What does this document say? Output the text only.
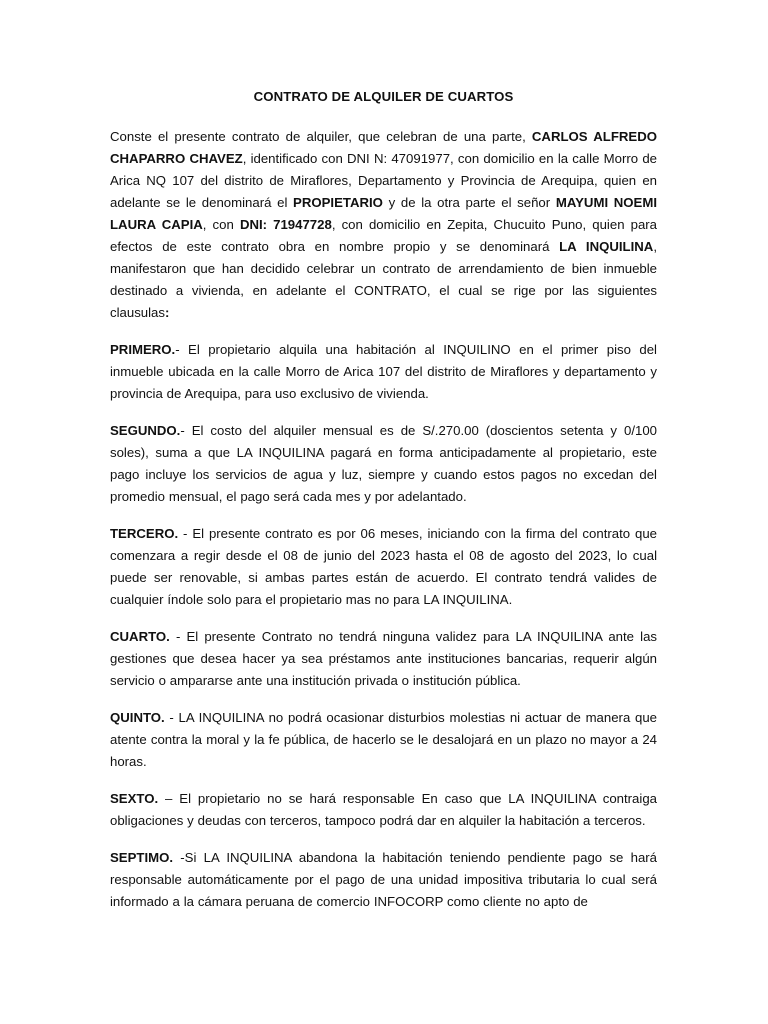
CONTRATO DE ALQUILER DE CUARTOS

Conste el presente contrato de alquiler, que celebran de una parte, CARLOS ALFREDO CHAPARRO CHAVEZ, identificado con DNI N: 47091977, con domicilio en la calle Morro de Arica NQ 107 del distrito de Miraflores, Departamento y Provincia de Arequipa, quien en adelante se le denominará el PROPIETARIO y de la otra parte el señor MAYUMI NOEMI LAURA CAPIA, con DNI: 71947728, con domicilio en Zepita, Chucuito Puno, quien para efectos de este contrato obra en nombre propio y se denominará LA INQUILINA, manifestaron que han decidido celebrar un contrato de arrendamiento de bien inmueble destinado a vivienda, en adelante el CONTRATO, el cual se rige por las siguientes clausulas:

PRIMERO.- El propietario alquila una habitación al INQUILINO en el primer piso del inmueble ubicada en la calle Morro de Arica 107 del distrito de Miraflores y departamento y provincia de Arequipa, para uso exclusivo de vivienda.

SEGUNDO.- El costo del alquiler mensual es de S/.270.00 (doscientos setenta y 0/100 soles), suma a que LA INQUILINA pagará en forma anticipadamente al propietario, este pago incluye los servicios de agua y luz, siempre y cuando estos pagos no excedan del promedio mensual, el pago será cada mes y por adelantado.

TERCERO. - El presente contrato es por 06 meses, iniciando con la firma del contrato que comenzara a regir desde el 08 de junio del 2023 hasta el 08 de agosto del 2023, lo cual puede ser renovable, si ambas partes están de acuerdo. El contrato tendrá valides de cualquier índole solo para el propietario mas no para LA INQUILINA.

CUARTO. - El presente Contrato no tendrá ninguna validez para LA INQUILINA ante las gestiones que desea hacer ya sea préstamos ante instituciones bancarias, requerir algún servicio o ampararse ante una institución privada o institución pública.

QUINTO. - LA INQUILINA no podrá ocasionar disturbios molestias ni actuar de manera que atente contra la moral y la fe pública, de hacerlo se le desalojará en un plazo no mayor a 24 horas.

SEXTO. – El propietario no se hará responsable En caso que LA INQUILINA contraiga obligaciones y deudas con terceros, tampoco podrá dar en alquiler la habitación a terceros.

SEPTIMO. -Si LA INQUILINA abandona la habitación teniendo pendiente pago se hará responsable automáticamente por el pago de una unidad impositiva tributaria lo cual será informado a la cámara peruana de comercio INFOCORP como cliente no apto de
